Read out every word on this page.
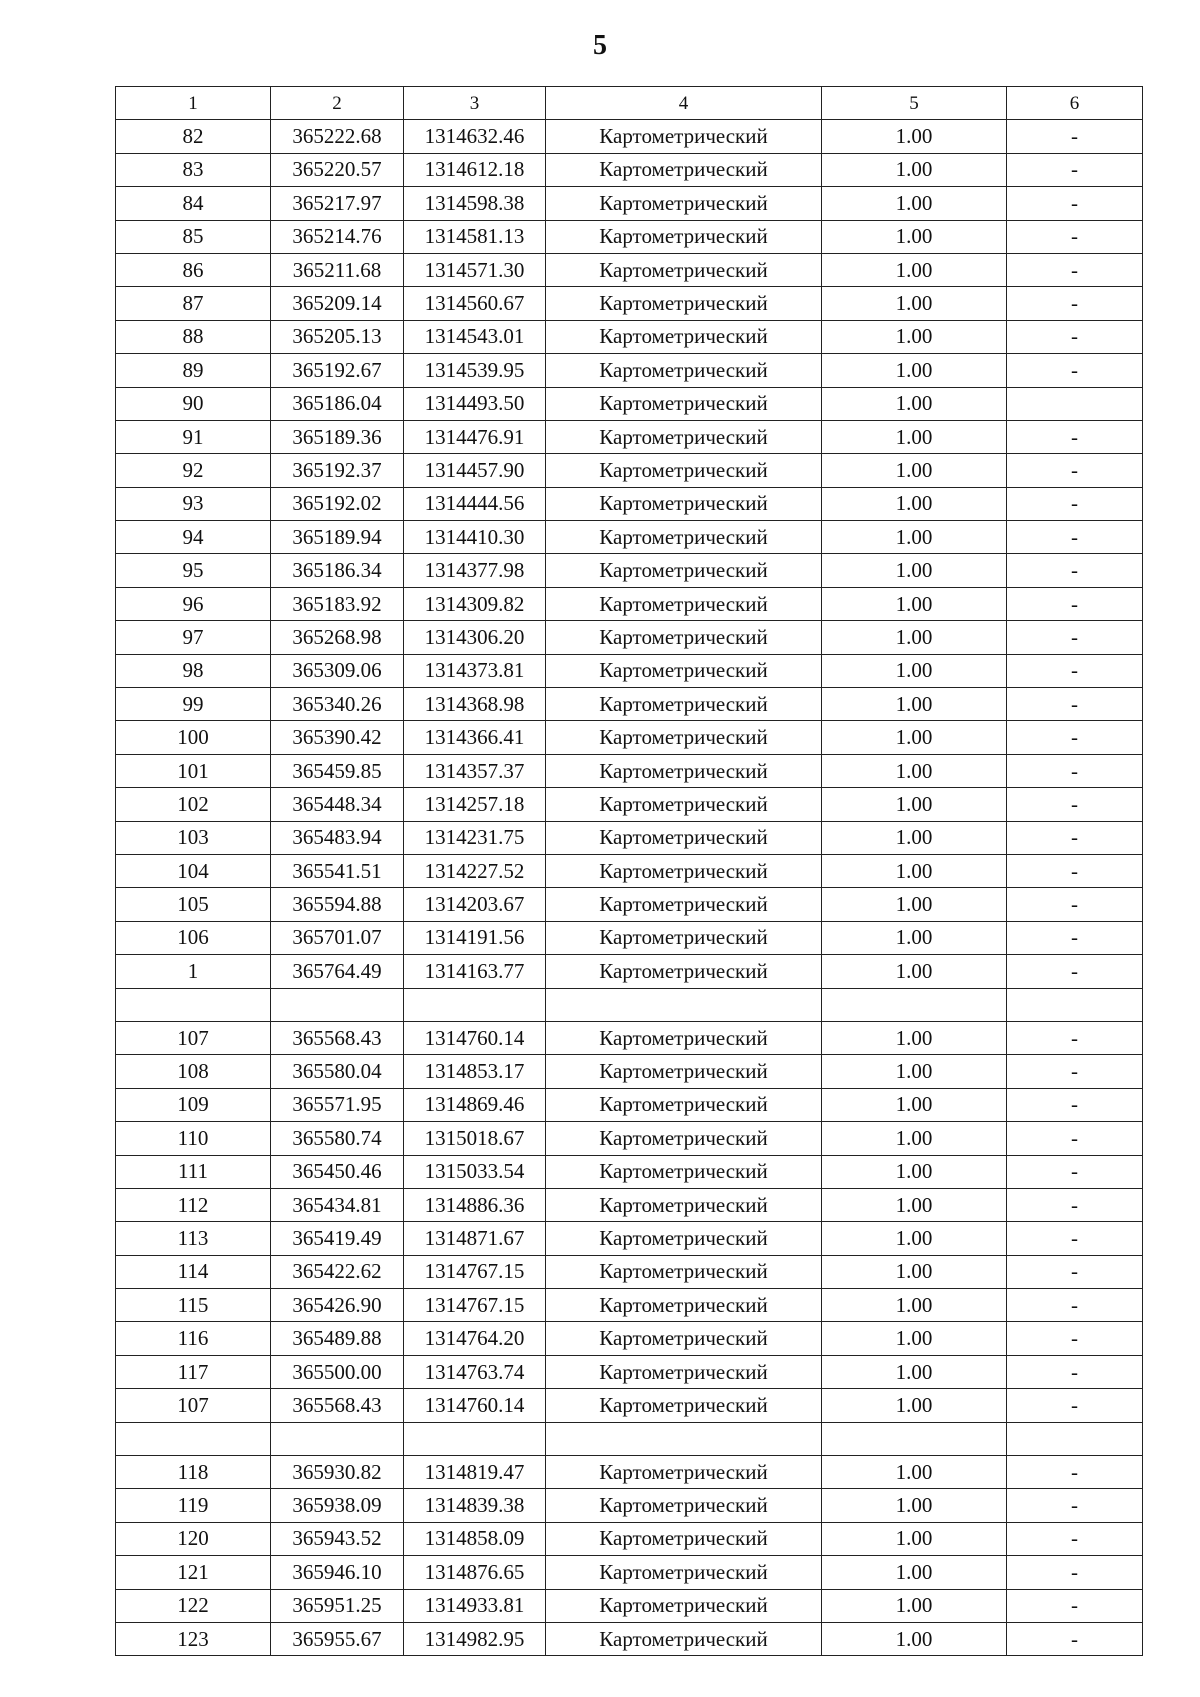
5
1	2	3	4	5	6
82	365222.68	1314632.46	Картометрический	1.00	-
83	365220.57	1314612.18	Картометрический	1.00	-
84	365217.97	1314598.38	Картометрический	1.00	-
85	365214.76	1314581.13	Картометрический	1.00	-
86	365211.68	1314571.30	Картометрический	1.00	-
87	365209.14	1314560.67	Картометрический	1.00	-
88	365205.13	1314543.01	Картометрический	1.00	-
89	365192.67	1314539.95	Картометрический	1.00	-
90	365186.04	1314493.50	Картометрический	1.00	
91	365189.36	1314476.91	Картометрический	1.00	-
92	365192.37	1314457.90	Картометрический	1.00	-
93	365192.02	1314444.56	Картометрический	1.00	-
94	365189.94	1314410.30	Картометрический	1.00	-
95	365186.34	1314377.98	Картометрический	1.00	-
96	365183.92	1314309.82	Картометрический	1.00	-
97	365268.98	1314306.20	Картометрический	1.00	-
98	365309.06	1314373.81	Картометрический	1.00	-
99	365340.26	1314368.98	Картометрический	1.00	-
100	365390.42	1314366.41	Картометрический	1.00	-
101	365459.85	1314357.37	Картометрический	1.00	-
102	365448.34	1314257.18	Картометрический	1.00	-
103	365483.94	1314231.75	Картометрический	1.00	-
104	365541.51	1314227.52	Картометрический	1.00	-
105	365594.88	1314203.67	Картометрический	1.00	-
106	365701.07	1314191.56	Картометрический	1.00	-
1	365764.49	1314163.77	Картометрический	1.00	-

107	365568.43	1314760.14	Картометрический	1.00	-
108	365580.04	1314853.17	Картометрический	1.00	-
109	365571.95	1314869.46	Картометрический	1.00	-
110	365580.74	1315018.67	Картометрический	1.00	-
111	365450.46	1315033.54	Картометрический	1.00	-
112	365434.81	1314886.36	Картометрический	1.00	-
113	365419.49	1314871.67	Картометрический	1.00	-
114	365422.62	1314767.15	Картометрический	1.00	-
115	365426.90	1314767.15	Картометрический	1.00	-
116	365489.88	1314764.20	Картометрический	1.00	-
117	365500.00	1314763.74	Картометрический	1.00	-
107	365568.43	1314760.14	Картометрический	1.00	-

118	365930.82	1314819.47	Картометрический	1.00	-
119	365938.09	1314839.38	Картометрический	1.00	-
120	365943.52	1314858.09	Картометрический	1.00	-
121	365946.10	1314876.65	Картометрический	1.00	-
122	365951.25	1314933.81	Картометрический	1.00	-
123	365955.67	1314982.95	Картометрический	1.00	-
